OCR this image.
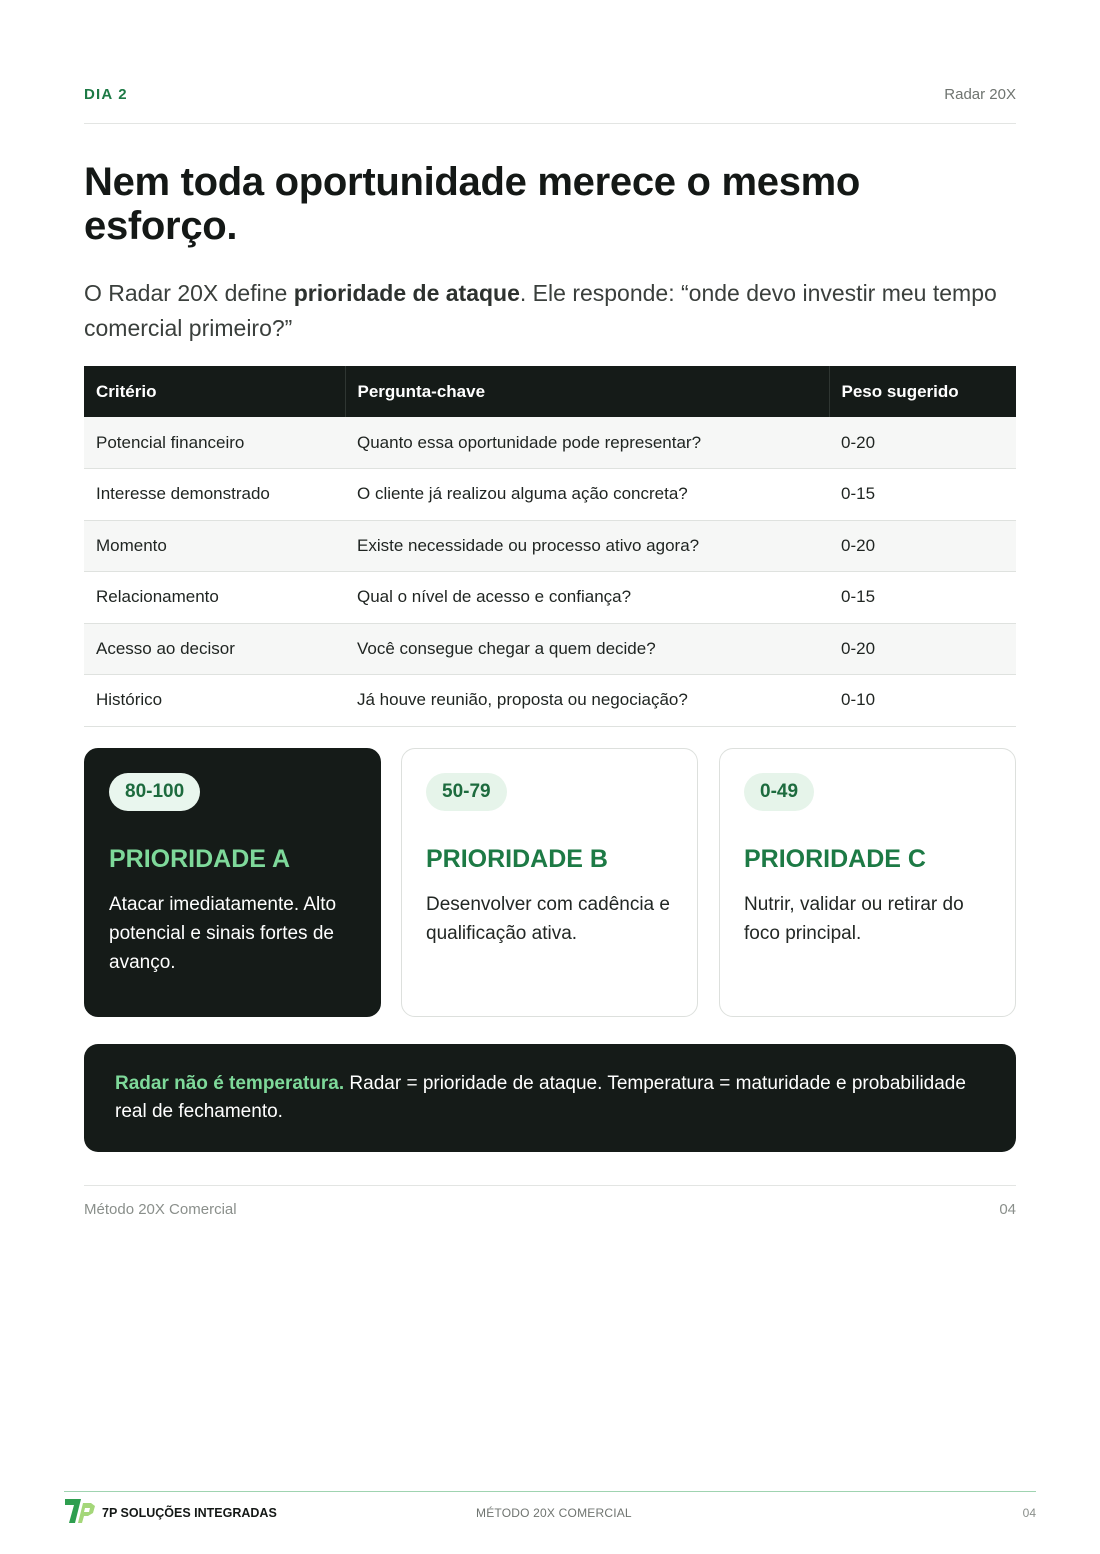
DIA 2	Radar 20X
Nem toda oportunidade merece o mesmo esforço.

O Radar 20X define prioridade de ataque. Ele responde: “onde devo investir meu tempo comercial primeiro?”

Critério	Pergunta-chave	Peso sugerido
Potencial financeiro	Quanto essa oportunidade pode representar?	0-20
Interesse demonstrado	O cliente já realizou alguma ação concreta?	0-15
Momento	Existe necessidade ou processo ativo agora?	0-20
Relacionamento	Qual o nível de acesso e confiança?	0-15
Acesso ao decisor	Você consegue chegar a quem decide?	0-20
Histórico	Já houve reunião, proposta ou negociação?	0-10
80-100
PRIORIDADE A
Atacar imediatamente. Alto potencial e sinais fortes de avanço.
50-79
PRIORIDADE B
Desenvolver com cadência e qualificação ativa.
0-49
PRIORIDADE C
Nutrir, validar ou retirar do foco principal.
Radar não é temperatura. Radar = prioridade de ataque. Temperatura = maturidade e probabilidade real de fechamento.
Método 20X Comercial	04
7P SOLUÇÕES INTEGRADAS	MÉTODO 20X COMERCIAL	04
